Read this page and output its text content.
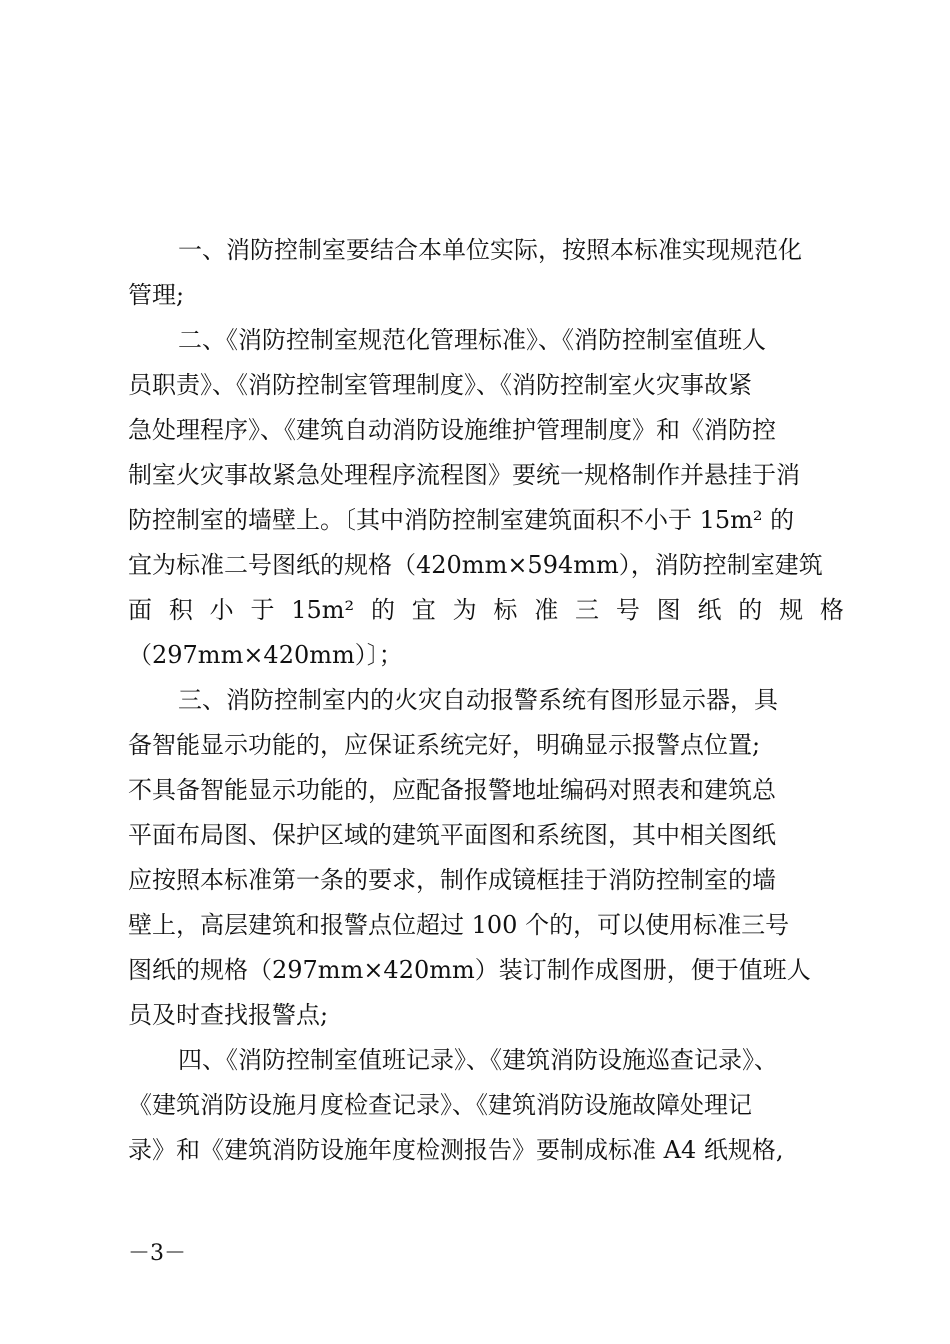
一、消防控制室要结合本单位实际，按照本标准实现规范化
管理;
二、《消防控制室规范化管理标准》、《消防控制室值班人
员职责》、《消防控制室管理制度》、《消防控制室火灾事故紧
急处理程序》、《建筑自动消防设施维护管理制度》和《消防控
制室火灾事故紧急处理程序流程图》要统一规格制作并悬挂于消
防控制室的墙壁上。〔其中消防控制室建筑面积不小于 15m² 的
宜为标准二号图纸的规格（420mm×594mm），消防控制室建筑
面 积 小 于 15m² 的 宜 为 标 准 三 号 图 纸 的 规 格
（297mm×420mm）〕；
三、消防控制室内的火灾自动报警系统有图形显示器，具
备智能显示功能的，应保证系统完好，明确显示报警点位置;
不具备智能显示功能的，应配备报警地址编码对照表和建筑总
平面布局图、保护区域的建筑平面图和系统图，其中相关图纸
应按照本标准第一条的要求，制作成镜框挂于消防控制室的墙
壁上，高层建筑和报警点位超过 100 个的，可以使用标准三号
图纸的规格（297mm×420mm）装订制作成图册，便于值班人
员及时查找报警点;
四、《消防控制室值班记录》、《建筑消防设施巡查记录》、
《建筑消防设施月度检查记录》、《建筑消防设施故障处理记
录》和《建筑消防设施年度检测报告》要制成标准 A4 纸规格,
－3－
